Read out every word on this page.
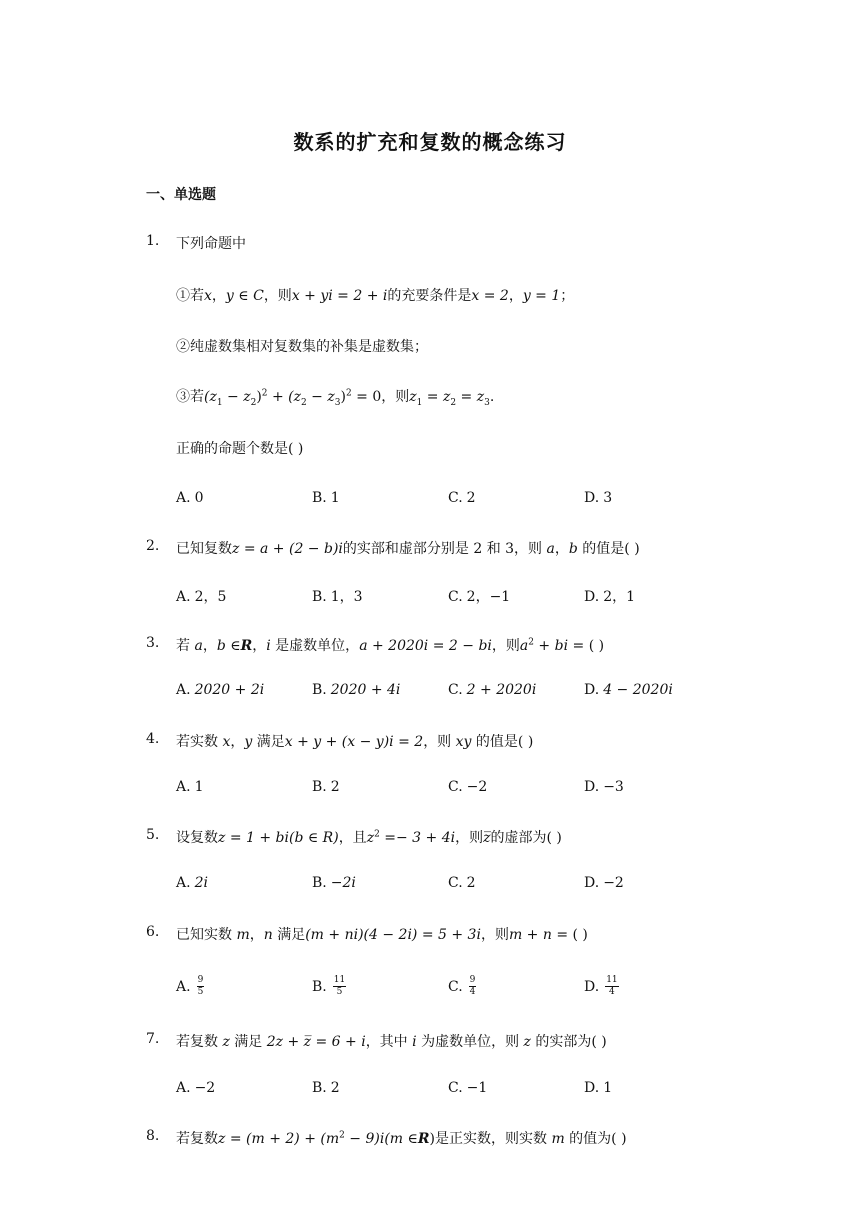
数系的扩充和复数的概念练习
一、单选题
1. 下列命题中
①若x，y ∈ C，则x + yi = 2 + i的充要条件是x = 2，y = 1；
②纯虚数集相对复数集的补集是虚数集；
③若$(z_1 - z_2)^2 + (z_2 - z_3)^2 = 0$，则$z_1 = z_2 = z_3$.
正确的命题个数是( )
A. 0	B. 1	C. 2	D. 3
2. 已知复数z = a + (2 − b)i的实部和虚部分别是 2 和 3，则 a，b 的值是( )
A. 2，5	B. 1，3	C. 2，−1	D. 2，1
3. 若 a，b ∈R，i 是虚数单位，a + 2020i = 2 − bi，则$a^2$ + bi = ( )
A. 2020 + 2i	B. 2020 + 4i	C. 2 + 2020i	D. 4 − 2020i
4. 若实数 x，y 满足x + y + (x − y)i = 2，则 xy 的值是( )
A. 1	B. 2	C. −2	D. −3
5. 设复数z = 1 + bi(b ∈ R)，且$z^2 =- 3 + 4i$，则z̅的虚部为( )
A. 2i	B. −2i	C. 2	D. −2
6. 已知实数 m，n 满足(m + ni)(4 − 2i) = 5 + 3i，则m + n = ( )
A. $\frac{9}{5}$	B. $\frac{11}{5}$	C. $\frac{9}{4}$	D. $\frac{11}{4}$
7. 若复数 z 满足 2z + z̅ = 6 + i，其中 i 为虚数单位，则 z 的实部为( )
A. −2	B. 2	C. −1	D. 1
8. 若复数$z = (m + 2) + (m^2 - 9)i(m$ ∈R)是正实数，则实数 m 的值为( )
